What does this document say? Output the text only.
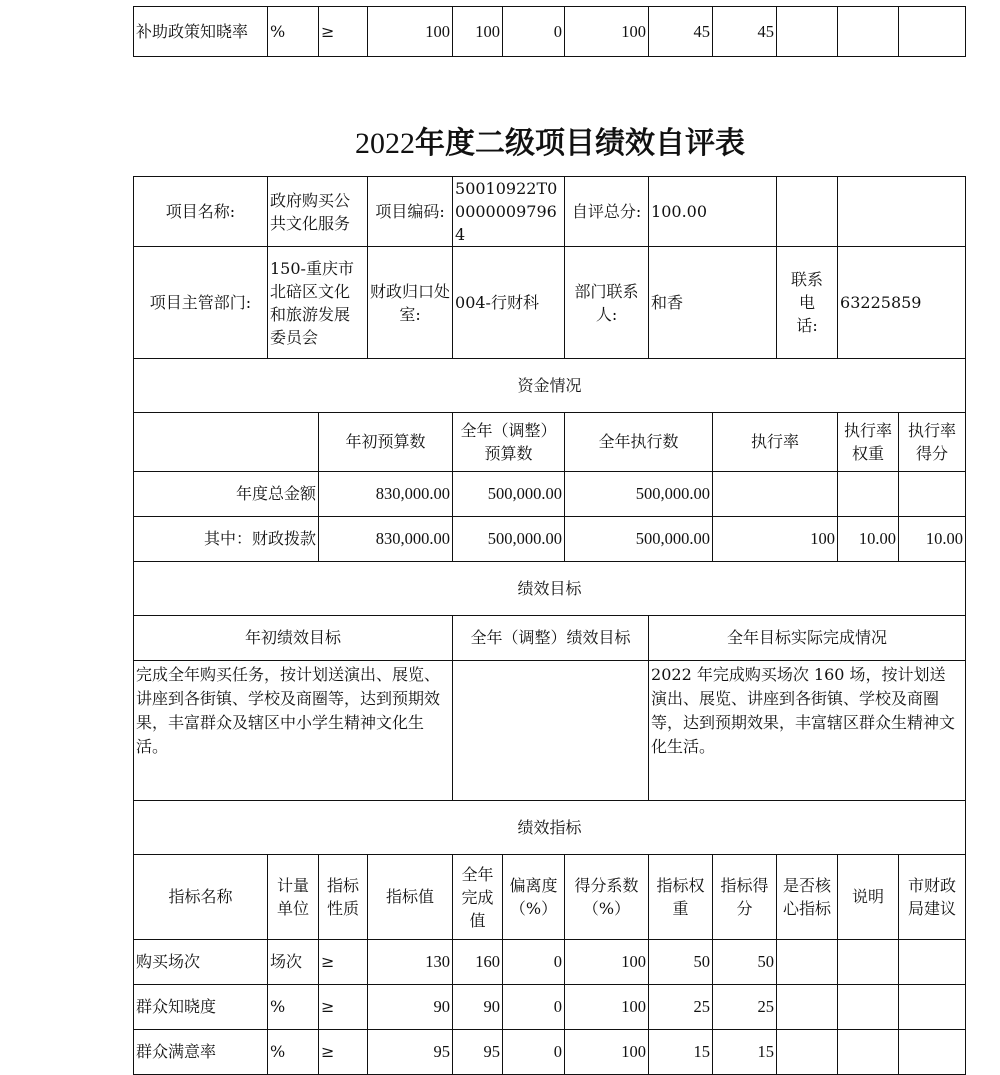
补助政策知晓率	%	≥	100	100	0	100	45	45			
2022年度二级项目绩效自评表
项目名称:	政府购买公共文化服务		项目编码:	50010922T000000097964		自评总分:	100.00				
项目主管部门:	150-重庆市北碚区文化和旅游发展委员会		财政归口处室:	004-行财科		部门联系人:	和香		联系电话:	63225859	
资金情况											
		年初预算数		全年（调整）预算数		全年执行数		执行率		执行率权重	执行率得分
年度总金额		830,000.00		500,000.00		500,000.00					
其中：财政拨款		830,000.00		500,000.00		500,000.00		100		10.00	10.00
绩效目标											
年初绩效目标				全年（调整）绩效目标			全年目标实际完成情况				
完成全年购买任务，按计划送演出、展览、讲座到各街镇、学校及商圈等，达到预期效果，丰富群众及辖区中小学生精神文化生活。							2022 年完成购买场次 160 场，按计划送演出、展览、讲座到各街镇、学校及商圈等，达到预期效果，丰富辖区群众生精神文化生活。				
绩效指标											
指标名称	计量单位	指标性质	指标值	全年完成值	偏离度（%）	得分系数（%）	指标权重	指标得分	是否核心指标	说明	市财政局建议
购买场次	场次	≥	130	160	0	100	50	50			
群众知晓度	%	≥	90	90	0	100	25	25			
群众满意率	%	≥	95	95	0	100	15	15			
